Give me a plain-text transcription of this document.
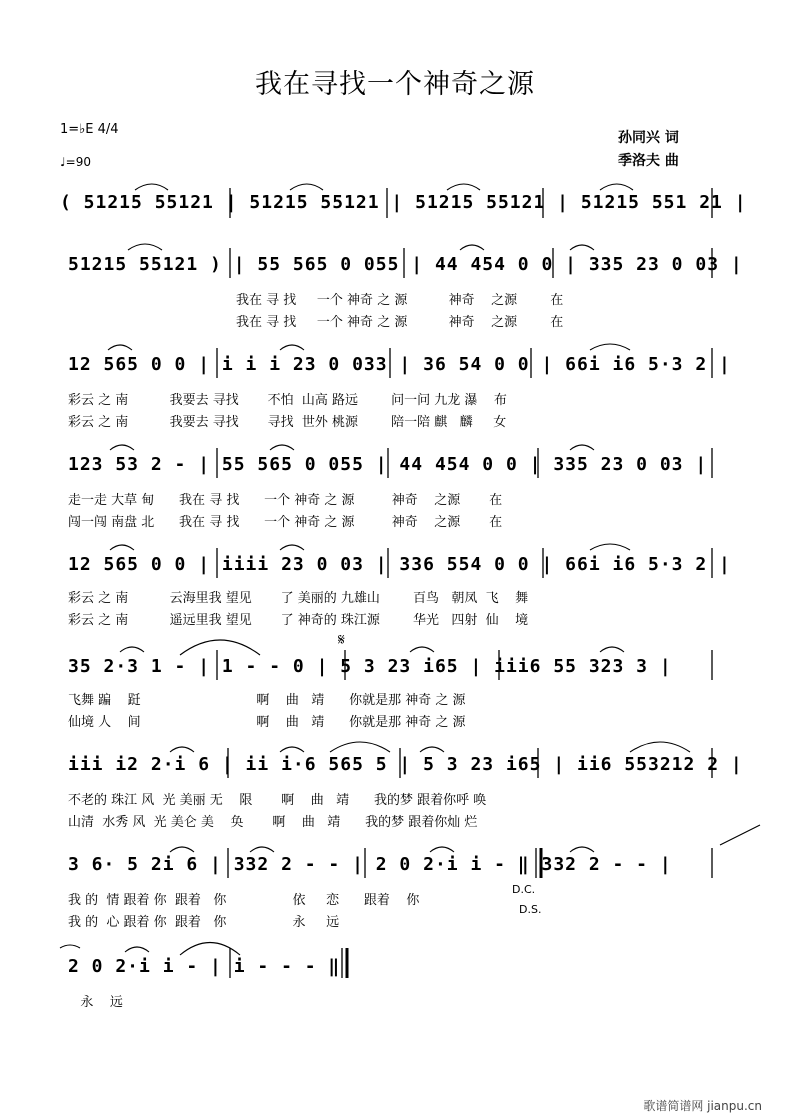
我在寻找一个神奇之源
孙同兴 词
季洛夫 曲
1=♭E 4/4
♩=90
( 51215 55121 | 51215 55121 | 51215 55121 | 51215 551 21 |
51215 55121 ) | 55 565 0 055 | 44 454 0 0 | 335 23 0 03 |
我在 寻 找     一个 神奇 之 源          神奇    之源        在
我在 寻 找     一个 神奇 之 源          神奇    之源        在
12 565 0 0 | i i i 23 0 033 | 36 54 0 0 | 66i i6 5·3 2 |
彩云 之 南          我要去 寻找       不怕  山高 路远        问一问 九龙 瀑    布
彩云 之 南          我要去 寻找       寻找  世外 桃源        陪一陪 麒   麟     女
123 53 2 - | 55 565 0 055 | 44 454 0 0 | 335 23 0 03 |
走一走 大草 甸      我在 寻 找      一个 神奇 之 源         神奇    之源       在
闯一闯 南盘 北      我在 寻 找      一个 神奇 之 源         神奇    之源       在
12 565 0 0 | iiii 23 0 03 | 336 554 0 0 | 66i i6 5·3 2 |
彩云 之 南          云海里我 望见       了 美丽的 九雄山        百鸟   朝凤  飞    舞
彩云 之 南          遥远里我 望见       了 神奇的 珠江源        华光   四射  仙    境
𝄋
35 2·3 1 - | 1 - - 0 | 5 3 23 i65 | iii6 55 323 3 |
飞舞 蹁    跹                            啊    曲   靖      你就是那 神奇 之 源
仙境 人    间                            啊    曲   靖      你就是那 神奇 之 源
iii i2 2·i 6 | ii i·6 565 5 | 5 3 23 i65 | ii6 553212 2 |
不老的 珠江 风  光 美丽 无    限       啊    曲   靖      我的梦 跟着你呼 唤
山清  水秀 风  光 美仑 美    奂       啊    曲   靖      我的梦 跟着你灿 烂
3 6· 5 2i 6 | 332 2 - - | 2 0 2·i i - ‖ 332 2 - - |
我 的  情 跟着 你  跟着   你                依     恋      跟着    你
我 的  心 跟着 你  跟着   你                永     远
D.C.
D.S.
2 0 2·i i - | i - - - ‖
永    远
歌谱简谱网 jianpu.cn
